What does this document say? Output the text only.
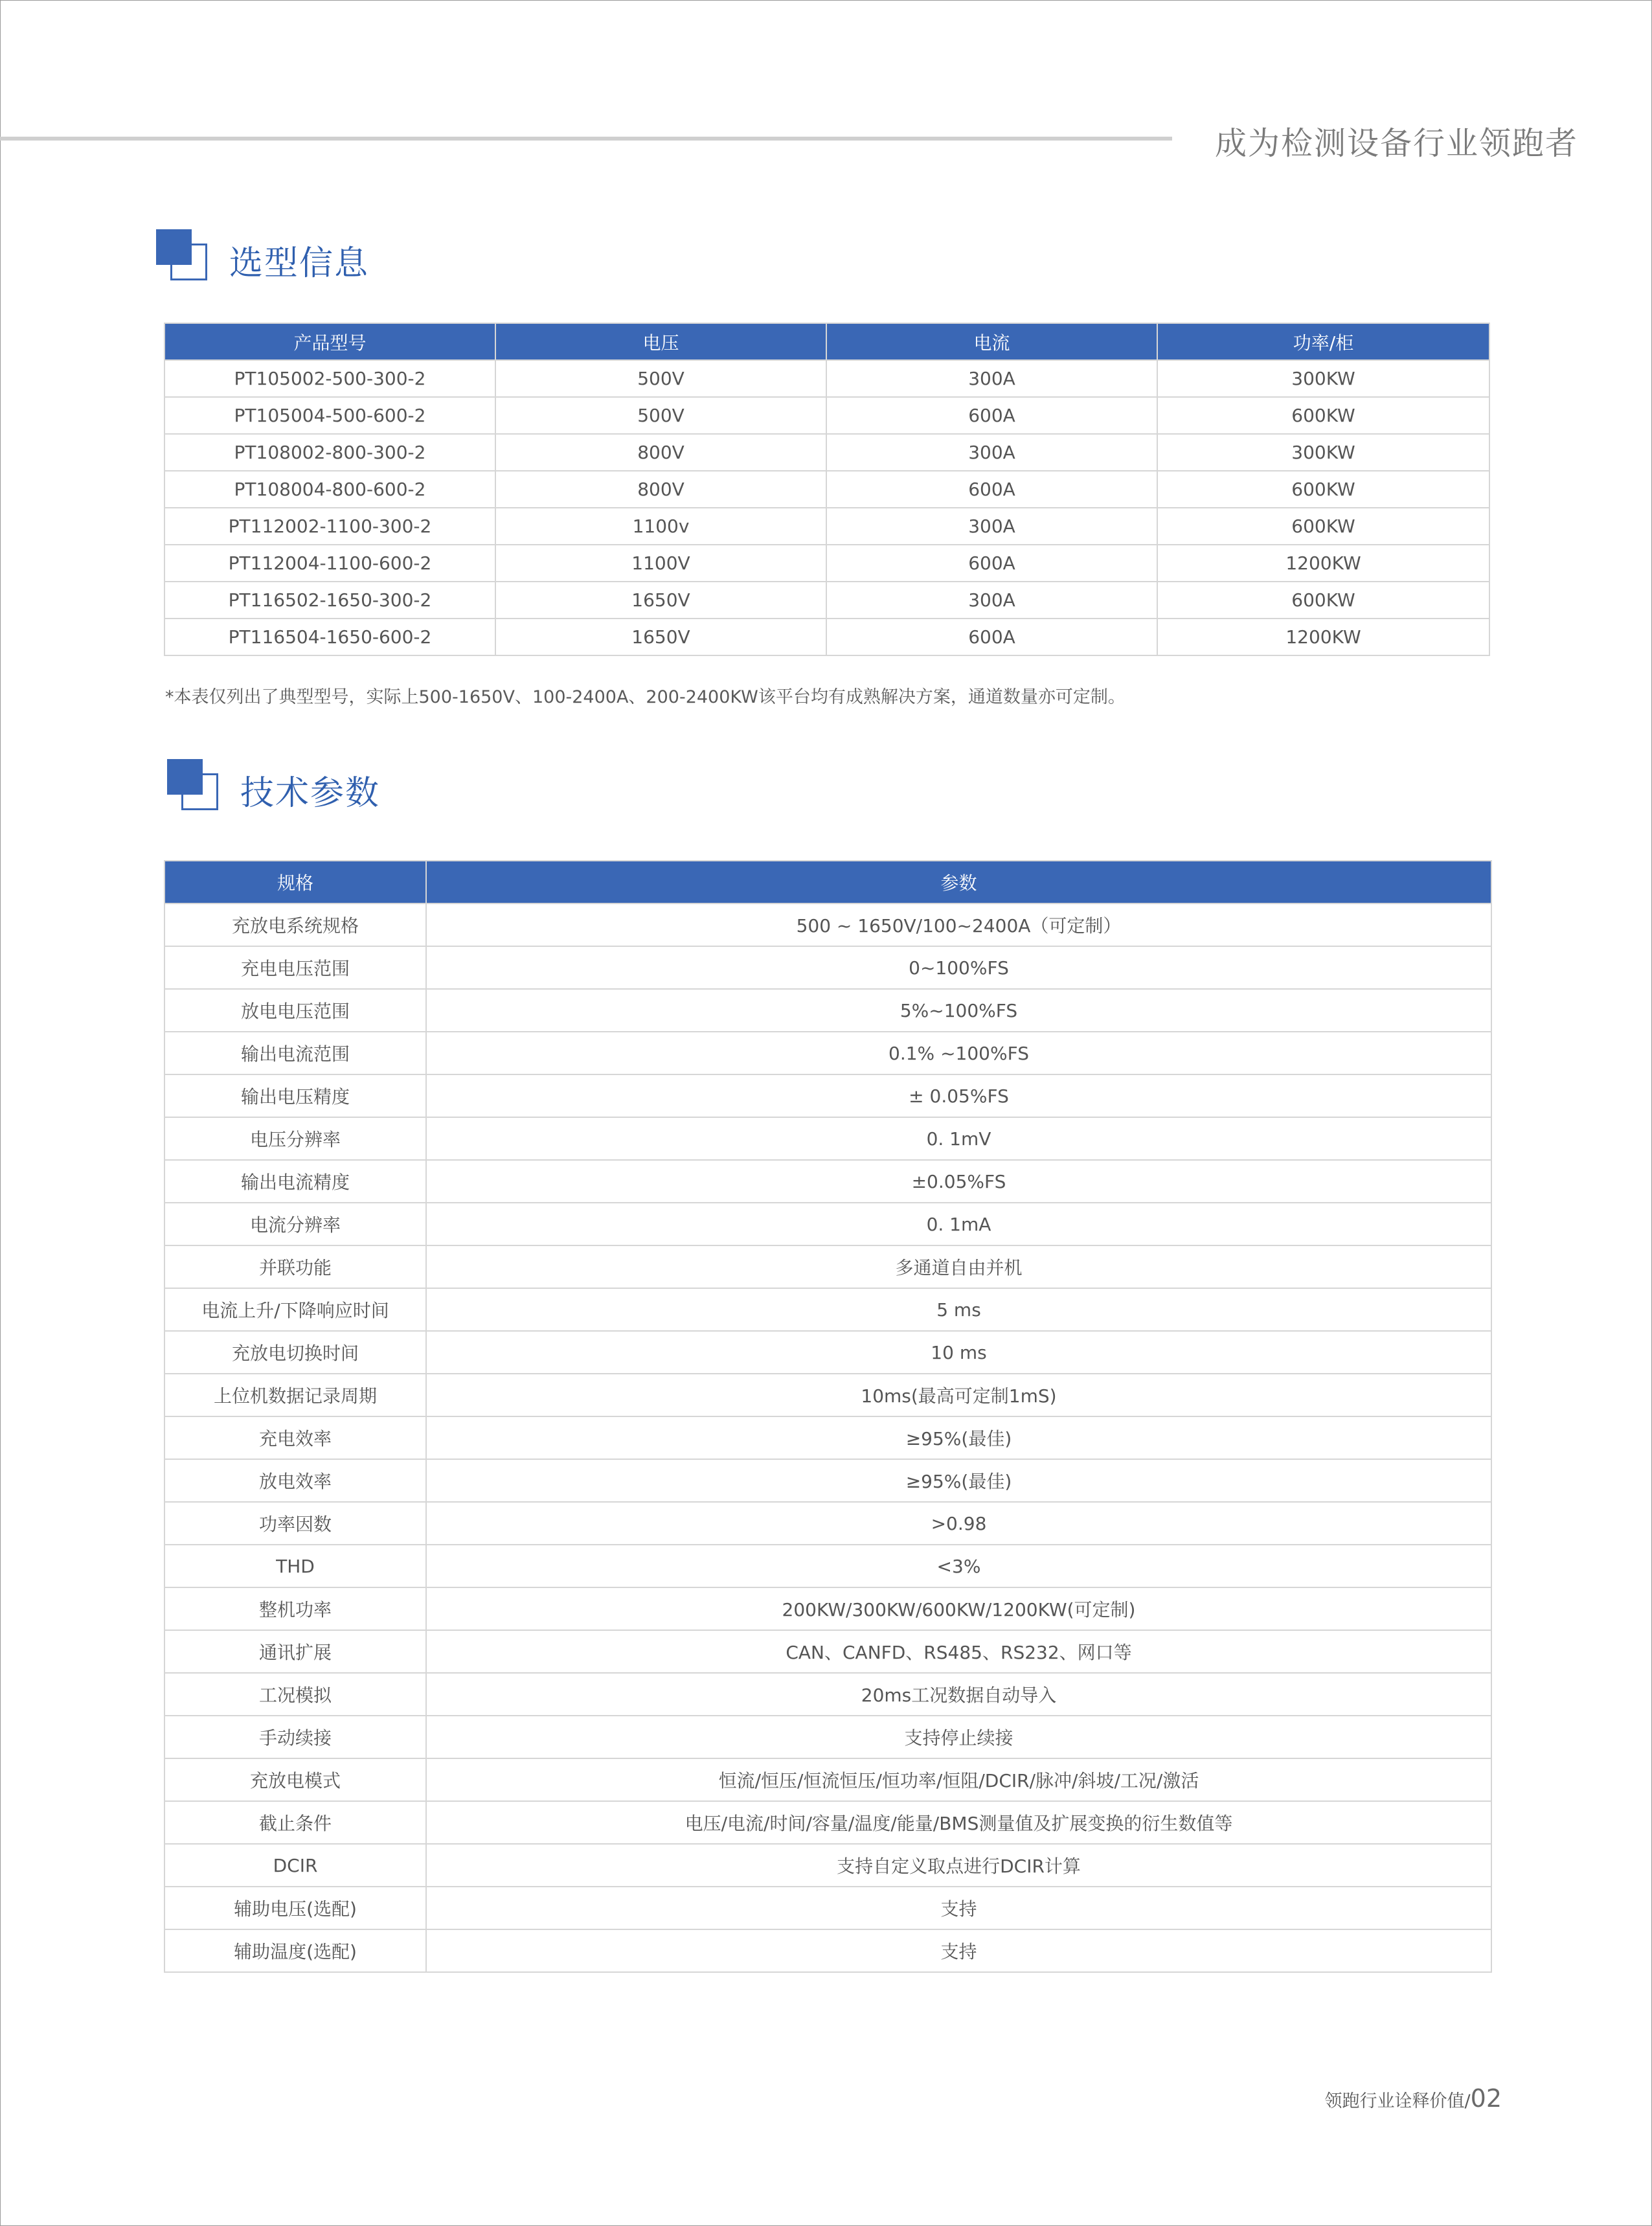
成为检测设备行业领跑者
选型信息
产品型号	电压	电流	功率/柜
PT105002-500-300-2	500V	300A	300KW
PT105004-500-600-2	500V	600A	600KW
PT108002-800-300-2	800V	300A	300KW
PT108004-800-600-2	800V	600A	600KW
PT112002-1100-300-2	1100v	300A	600KW
PT112004-1100-600-2	1100V	600A	1200KW
PT116502-1650-300-2	1650V	300A	600KW
PT116504-1650-600-2	1650V	600A	1200KW
*本表仅列出了典型型号，实际上500-1650V、100-2400A、200-2400KW该平台均有成熟解决方案，通道数量亦可定制。
技术参数
规格	参数
充放电系统规格	500 ~ 1650V/100~2400A（可定制）
充电电压范围	0~100%FS
放电电压范围	5%~100%FS
输出电流范围	0.1% ~100%FS
输出电压精度	± 0.05%FS
电压分辨率	0. 1mV
输出电流精度	±0.05%FS
电流分辨率	0. 1mA
并联功能	多通道自由并机
电流上升/下降响应时间	5 ms
充放电切换时间	10 ms
上位机数据记录周期	10ms(最高可定制1mS)
充电效率	≥95%(最佳)
放电效率	≥95%(最佳)
功率因数	>0.98
THD	<3%
整机功率	200KW/300KW/600KW/1200KW(可定制)
通讯扩展	CAN、CANFD、RS485、RS232、网口等
工况模拟	20ms工况数据自动导入
手动续接	支持停止续接
充放电模式	恒流/恒压/恒流恒压/恒功率/恒阻/DCIR/脉冲/斜坡/工况/激活
截止条件	电压/电流/时间/容量/温度/能量/BMS测量值及扩展变换的衍生数值等
DCIR	支持自定义取点进行DCIR计算
辅助电压(选配)	支持
辅助温度(选配)	支持
领跑行业诠释价值/02
